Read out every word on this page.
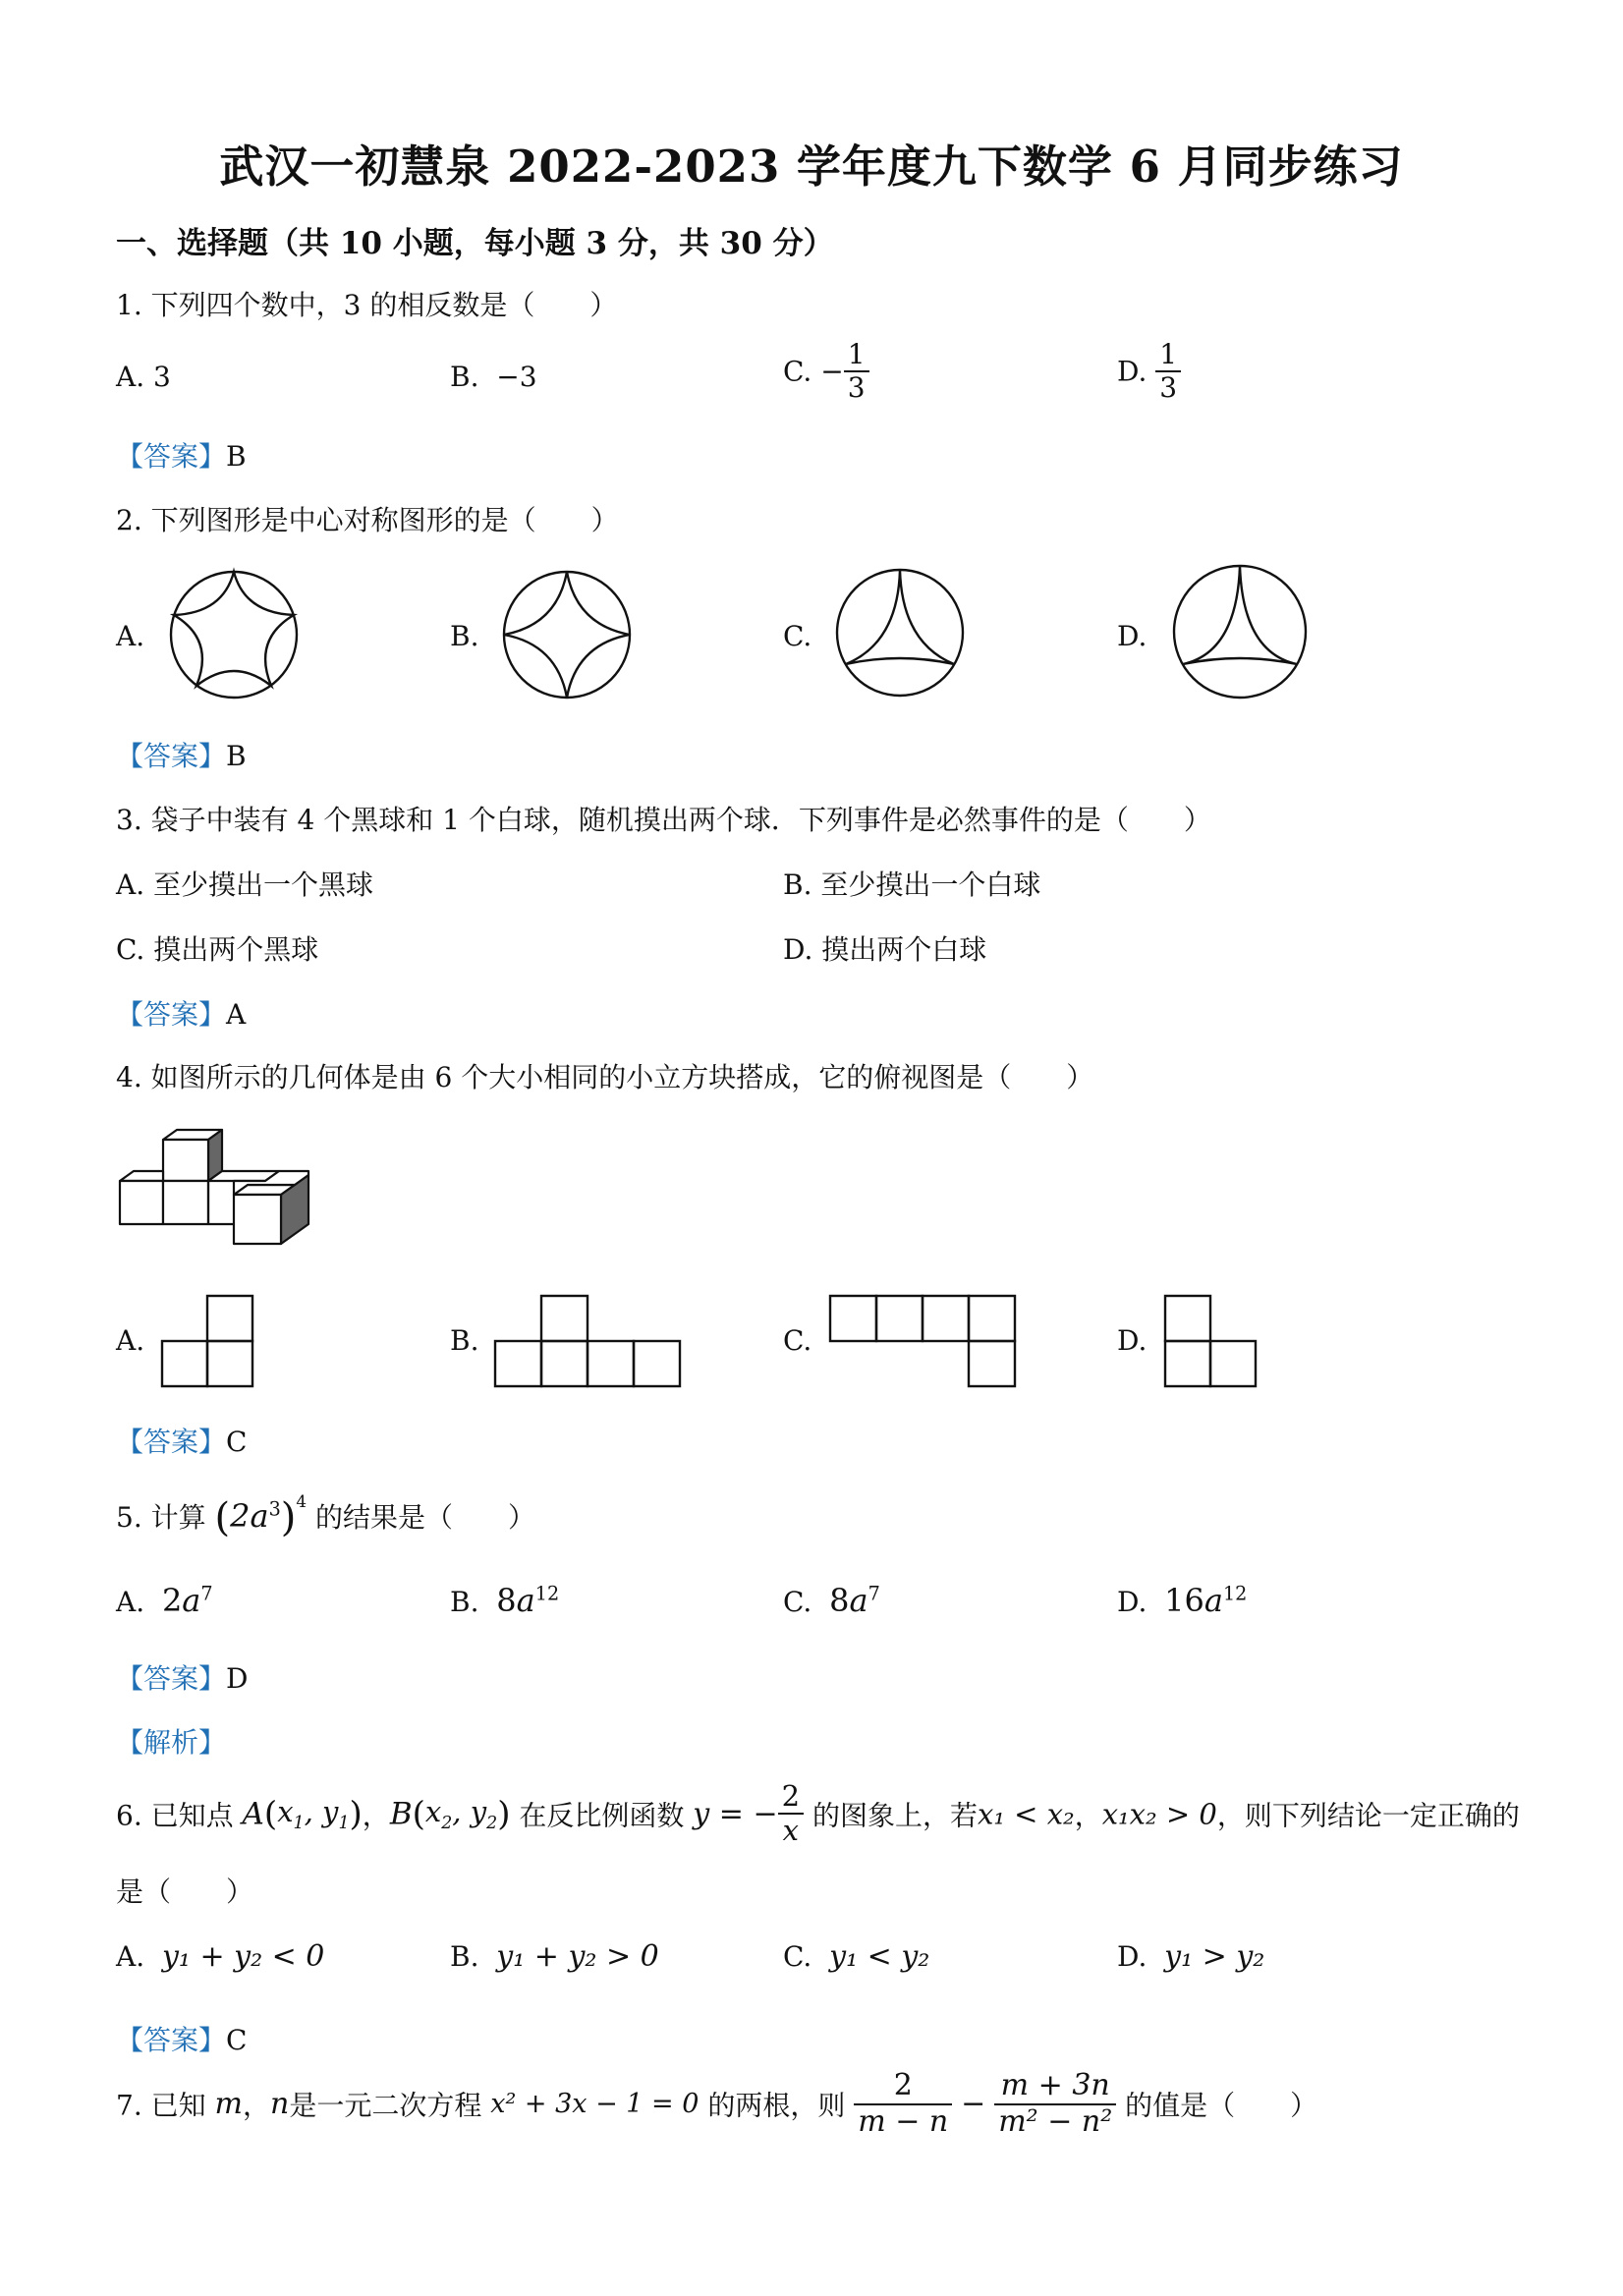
武汉一初慧泉 2022-2023 学年度九下数学 6 月同步练习
一、选择题（共 10 小题，每小题 3 分，共 30 分）
1. 下列四个数中，3 的相反数是（　　）
A. 3	B. −3	C. − $\frac{1}{3}$	D. $\frac{1}{3}$
【答案】B
2. 下列图形是中心对称图形的是（　　）
A.	B.	C.	D.
【答案】B
3. 袋子中装有 4 个黑球和 1 个白球，随机摸出两个球．下列事件是必然事件的是（　　）
A. 至少摸出一个黑球	B. 至少摸出一个白球
C. 摸出两个黑球	D. 摸出两个白球
【答案】A
4. 如图所示的几何体是由 6 个大小相同的小立方块搭成，它的俯视图是（　　）
A.	B.	C.	D.
【答案】C
5. 计算 $(2a^3)^4$ 的结果是（　　）
A. $2a^7$	B. $8a^{12}$	C. $8a^7$	D. $16a^{12}$
【答案】D
【解析】
6. 已知点 $A(x_1$, $y_1$)，$B(x_2$, $y_2$) 在反比例函数 y = − $\frac{2}{x}$ 的图象上，若x₁ < x₂，x₁x₂ > 0，则下列结论一定正确的
是（　　）
A. y₁ + y₂ < 0	B. y₁ + y₂ > 0	C. y₁ < y₂	D. y₁ > y₂
【答案】C
7. 已知 m，n是一元二次方程 x² + 3x − 1 = 0 的两根，则 $\frac{2}{m - n} - \frac{m + 3n}{\text{m² − n²}}$ 的值是（　　）
